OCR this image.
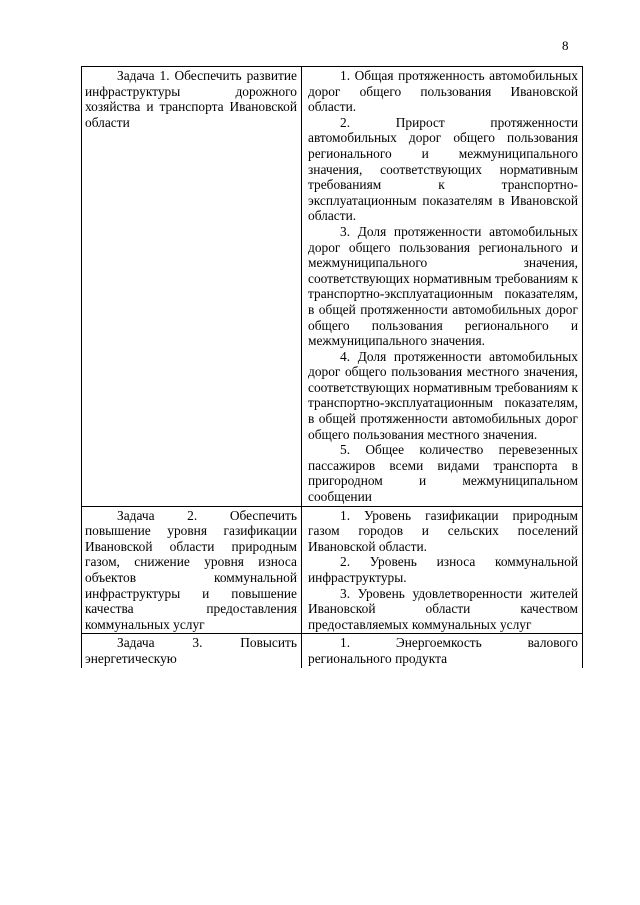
8
Задача 1. Обеспечить развитие инфраструктуры дорожного хозяйства и транспорта Ивановской области	1. Общая протяженность автомобильных дорог общего пользования Ивановской области.
2. Прирост протяженности автомобильных дорог общего пользования регионального и межмуниципального значения, соответствующих нормативным требованиям к транспортно-эксплуатационным показателям в Ивановской области.
3. Доля протяженности автомобильных дорог общего пользования регионального и межмуниципального значения, соответствующих нормативным требованиям к транспортно-эксплуатационным показателям, в общей протяженности автомобильных дорог общего пользования регионального и межмуниципального значения.
4. Доля протяженности автомобильных дорог общего пользования местного значения, соответствующих нормативным требованиям к транспортно-эксплуатационным показателям, в общей протяженности автомобильных дорог общего пользования местного значения.
5. Общее количество перевезенных пассажиров всеми видами транспорта в пригородном и межмуниципальном сообщении

Задача 2. Обеспечить повышение уровня газификации Ивановской области природным газом, снижение уровня износа объектов коммунальной инфраструктуры и повышение качества предоставления коммунальных услуг	1. Уровень газификации природным газом городов и сельских поселений Ивановской области.
2. Уровень износа коммунальной инфраструктуры.
3. Уровень удовлетворенности жителей Ивановской области качеством предоставляемых коммунальных услуг

Задача 3. Повысить энергетическую	1. Энергоемкость валового регионального продукта
